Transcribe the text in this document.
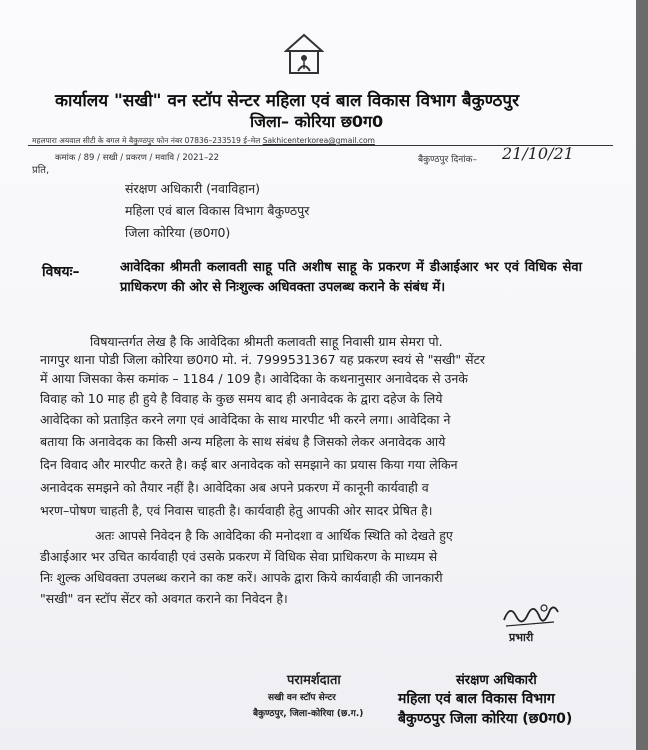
कार्यालय "सखी" वन स्टॉप सेन्टर महिला एवं बाल विकास विभाग बैकुण्ठपुर
जिला– कोरिया छ0ग0
महलपारा अयवाल सीटी के बगल मे बैकुण्ठपुर फोन नंबर 07836–233519 ई–मेल Sakhicenterkorea@gmail.com
कमांक / 89 / सखी / प्रकरण / मवावि / 2021–22	बैकुण्ठपुर दिनांक– 21/10/21
प्रति,
संरक्षण अधिकारी (नवाविहान)
महिला एवं बाल विकास विभाग बैकुण्ठपुर
जिला कोरिया (छ0ग0)
विषयः–	आवेदिका श्रीमती कलावती साहू पति अशीष साहू के प्रकरण में डीआईआर भर एवं विधिक सेवा प्राधिकरण की ओर से निःशुल्क अधिवक्ता उपलब्ध कराने के संबंध में।
विषयान्तर्गत लेख है कि आवेदिका श्रीमती कलावती साहू निवासी ग्राम सेमरा पो.
नागपुर थाना पोडी जिला कोरिया छ0ग0 मो. नं. 7999531367 यह प्रकरण स्वयं से "सखी" सेंटर
में आया जिसका केस कमांक – 1184 / 109 है। आवेदिका के कथनानुसार अनावेदक से उनके
विवाह को 10 माह ही हुये है विवाह के कुछ समय बाद ही अनावेदक के द्वारा दहेज के लिये
आवेदिका को प्रताड़ित करने लगा एवं आवेदिका के साथ मारपीट भी करने लगा। आवेदिका ने
बताया कि अनावेदक का किसी अन्य महिला के साथ संबंध है जिसको लेकर अनावेदक आये
दिन विवाद और मारपीट करते है। कई बार अनावेदक को समझाने का प्रयास किया गया लेकिन
अनावेदक समझने को तैयार नहीं है। आवेदिका अब अपने प्रकरण में कानूनी कार्यवाही व
भरण–पोषण चाहती है, एवं निवास चाहती है। कार्यवाही हेतु आपकी ओर सादर प्रेषित है।
अतः आपसे निवेदन है कि आवेदिका की मनोदशा व आर्थिक स्थिति को देखते हुए
डीआईआर भर उचित कार्यवाही एवं उसके प्रकरण में विधिक सेवा प्राधिकरण के माध्यम से
निः शुल्क अधिवक्ता उपलब्ध कराने का कष्ट करें। आपके द्वारा किये कार्यवाही की जानकारी
"सखी" वन स्टॉप सेंटर को अवगत कराने का निवेदन है।
प्रभारी
परामर्शदाता
सखी वन स्टॉप सेन्टर
बैकुण्ठपुर, जिला-कोरिया (छ.ग.)
संरक्षण अधिकारी
महिला एवं बाल विकास विभाग
बैकुण्ठपुर जिला कोरिया (छ0ग0)
